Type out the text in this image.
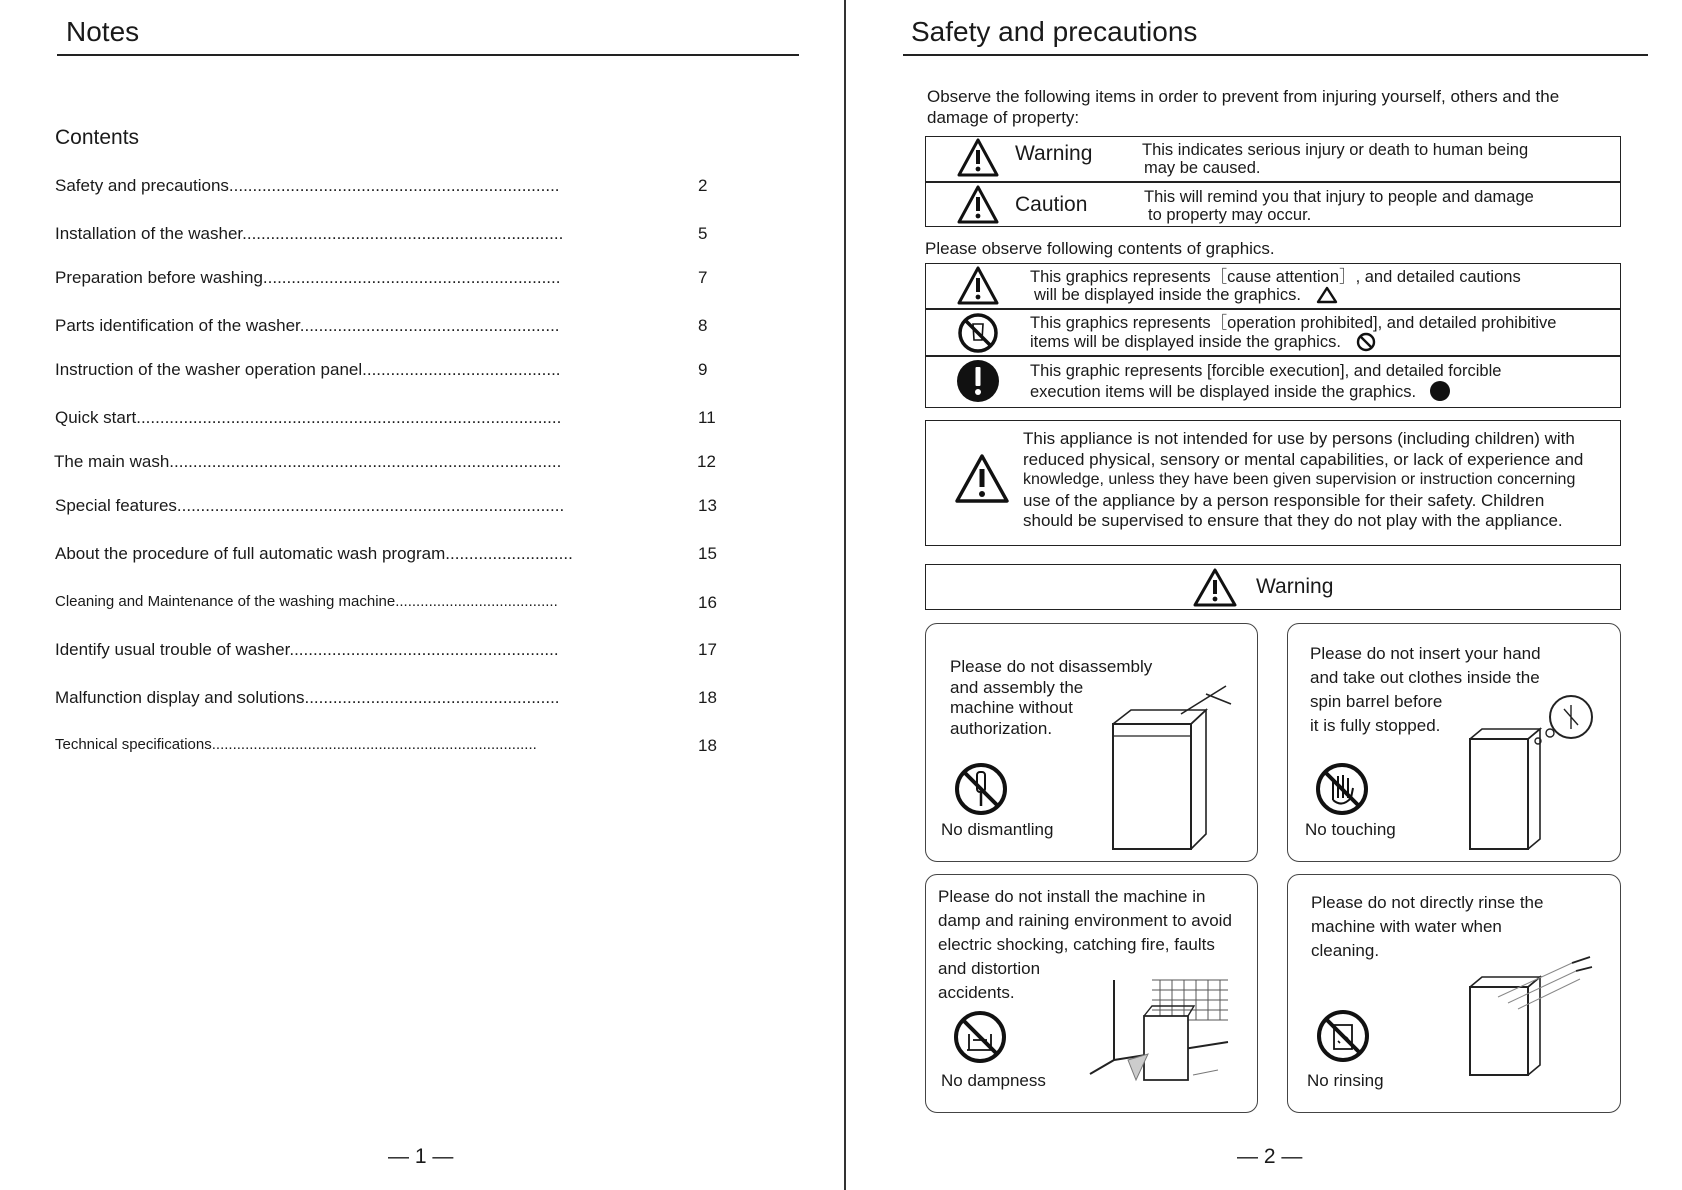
Notes
Contents
Safety and precautions......................................................................	2
Installation of the washer....................................................................	5
Preparation before washing...............................................................	7
Parts identification of the washer.......................................................	8
Instruction of the washer operation panel..........................................	9
Quick start..........................................................................................	11
The main wash...................................................................................	12
Special features..................................................................................	13
About the procedure of full automatic wash program...........................	15
Cleaning and Maintenance of the washing machine.......................................	16
Identify usual trouble of washer.........................................................	17
Malfunction display and solutions......................................................	18
Technical specifications..............................................................................	18
— 1 —
Safety and precautions
Observe the following items in order to prevent from injuring yourself, others and the
damage of property:
Warning	This indicates serious injury or death to human being
may be caused.
Caution	This will remind you that injury to people and damage
to property may occur.
Please observe following contents of graphics.
This graphics represents［cause attention］, and detailed cautions
will be displayed inside the graphics.
This graphics represents［operation prohibited], and detailed prohibitive
items will be displayed inside the graphics.
This graphic represents [forcible execution], and detailed forcible
execution items will be displayed inside the graphics.
This appliance is not intended for use by persons (including children) with
reduced physical, sensory or mental capabilities, or lack of experience and
knowledge, unless they have been given supervision or instruction concerning
use of the appliance by a person responsible for their safety. Children
should be supervised to ensure that they do not play with the appliance.
Warning
Please do not disassembly
and assembly the
machine without
authorization.
No dismantling
Please do not insert your hand
and take out clothes inside the
spin barrel before
it is fully stopped.
No touching
Please do not install the machine in
damp and raining environment to avoid
electric shocking, catching fire, faults
and distortion
accidents.
No dampness
Please do not directly rinse the
machine with water when
cleaning.
No rinsing
— 2 —
